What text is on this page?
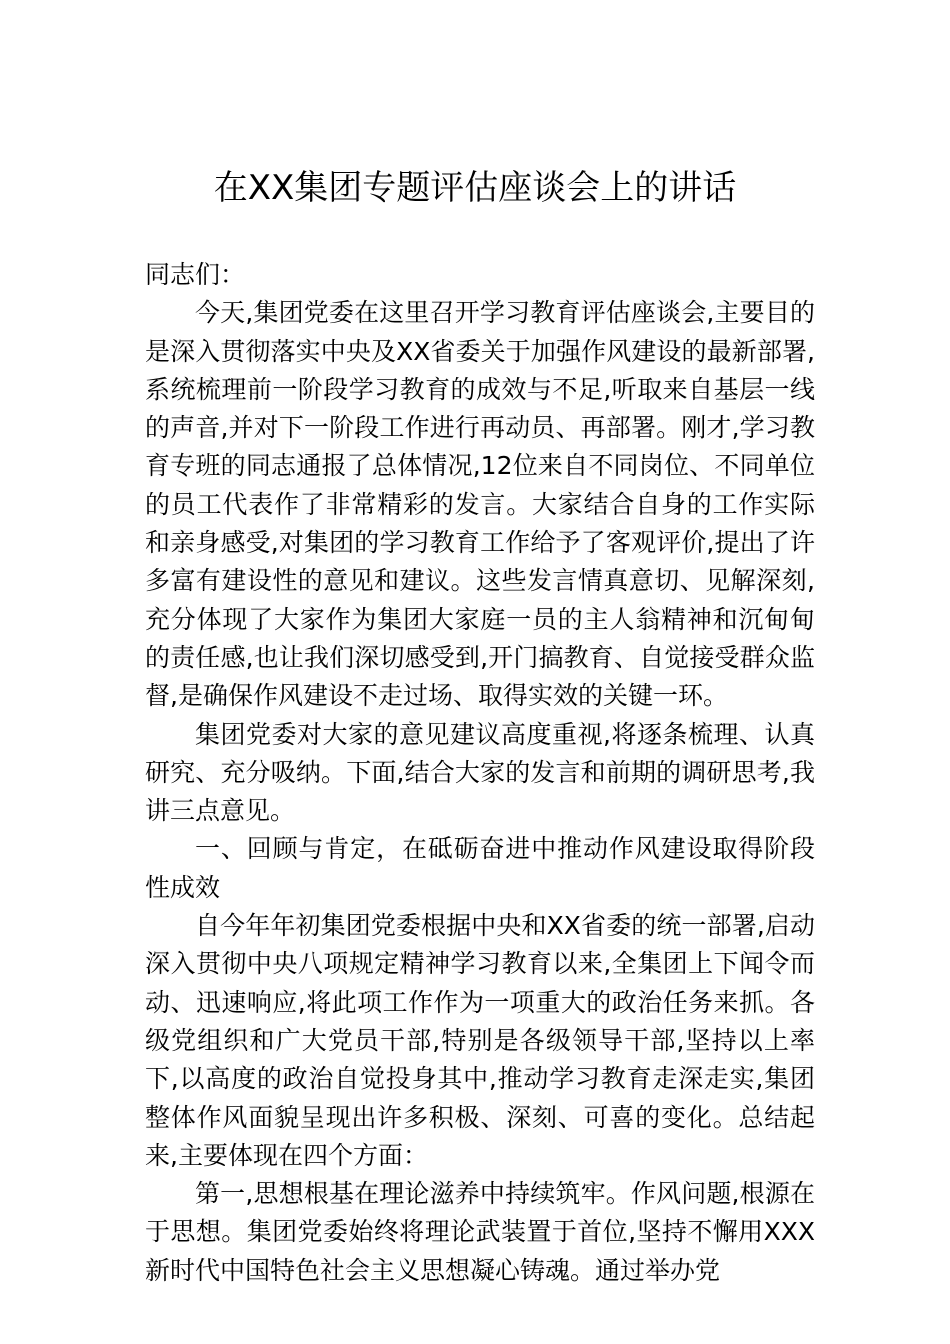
在XX集团专题评估座谈会上的讲话

同志们：

今天,集团党委在这里召开学习教育评估座谈会,主要目的是深入贯彻落实中央及XX省委关于加强作风建设的最新部署,系统梳理前一阶段学习教育的成效与不足,听取来自基层一线的声音,并对下一阶段工作进行再动员、再部署。刚才,学习教育专班的同志通报了总体情况,12位来自不同岗位、不同单位的员工代表作了非常精彩的发言。大家结合自身的工作实际和亲身感受,对集团的学习教育工作给予了客观评价,提出了许多富有建设性的意见和建议。这些发言情真意切、见解深刻,充分体现了大家作为集团大家庭一员的主人翁精神和沉甸甸的责任感,也让我们深切感受到,开门搞教育、自觉接受群众监督,是确保作风建设不走过场、取得实效的关键一环。

集团党委对大家的意见建议高度重视,将逐条梳理、认真研究、充分吸纳。下面,结合大家的发言和前期的调研思考,我讲三点意见。

一、回顾与肯定，在砥砺奋进中推动作风建设取得阶段性成效

自今年年初集团党委根据中央和XX省委的统一部署,启动深入贯彻中央八项规定精神学习教育以来,全集团上下闻令而动、迅速响应,将此项工作作为一项重大的政治任务来抓。各级党组织和广大党员干部,特别是各级领导干部,坚持以上率下,以高度的政治自觉投身其中,推动学习教育走深走实,集团整体作风面貌呈现出许多积极、深刻、可喜的变化。总结起来,主要体现在四个方面：

第一,思想根基在理论滋养中持续筑牢。作风问题,根源在于思想。集团党委始终将理论武装置于首位,坚持不懈用XXX新时代中国特色社会主义思想凝心铸魂。通过举办党
